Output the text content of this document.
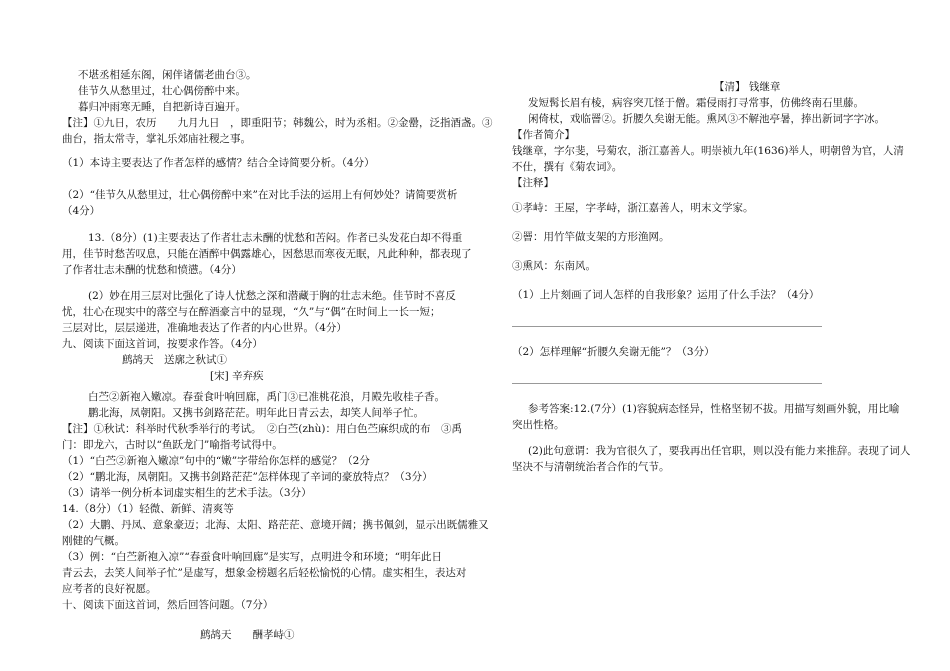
不堪丞相延东阁，闲伴诸儒老曲台③。
佳节久从愁里过，壮心偶傍醉中来。
暮归冲雨寒无睡，自把新诗百遍开。
【注】①九日，农历　　九月九日　，即重阳节；韩魏公，时为丞相。②金罍，泛指酒盏。③
曲台，指太常寺，掌礼乐郊庙社稷之事。
（1）本诗主要表达了作者怎样的感情？结合全诗简要分析。（4分）
（2）“佳节久从愁里过，壮心偶傍醉中来”在对比手法的运用上有何妙处？请简要赏析
（4分）
13.（8分）(1)主要表达了作者壮志未酬的忧愁和苦闷。作者已头发花白却不得重
用，佳节时愁苦叹息，只能在酒醉中偶露雄心，因愁思而寒夜无眠，凡此种种，都表现了
了作者壮志未酬的忧愁和愤懑。（4分）
(2）妙在用三层对比强化了诗人忧愁之深和潜藏于胸的壮志未绝。佳节时不喜反
忧，壮心在现实中的落空与在醉酒豪言中的显现，“久”与“偶”在时间上一长一短；
三层对比，层层递进，准确地表达了作者的内心世界。（4分）
九、阅读下面这首词，按要求作答。（4分）
鹧鸪天　送廓之秋试①
[宋] 辛弃疾
白苎②新袍入嫩凉。春蚕食叶响回廊，禹门③已准桃花浪，月殿先收桂子香。
鹏北海，凤朝阳。又携书剑路茫茫。明年此日青云去，却笑人间举子忙。
【注】①秋试：科举时代秋季举行的考试。　②白苎(zhù)：用白色苎麻织成的布　③禹
门：即龙六，古时以“鱼跃龙门”喻指考试得中。
（1）“白苎②新袍入嫩凉”句中的“嫩”字带给你怎样的感觉？（2分
（2）“鹏北海，凤朝阳。又携书剑路茫茫”怎样体现了辛词的豪放特点？（3分）
（3）请举一例分析本词虚实相生的艺术手法。（3分）
14.（8分）（1）轻微、新鲜、清爽等
（2）大鹏、丹凤、意象豪迈；北海、太阳、路茫茫、意境开阔；携书佩剑，显示出既儒雅又
刚健的气概。
（3）例：“白苎新袍入凉”“春蚕食叶响回廊”是实写，点明进令和环境；“明年此日
青云去，去笑人间举子忙”是虚写，想象金榜题名后轻松愉悦的心情。虚实相生，表达对
应考者的良好祝愿。
十、阅读下面这首词，然后回答问题。（7分）
鹧鸪天　　酬孝峙①
【清】 钱继章
发短髯长眉有棱，病容突兀怪于僧。霜侵雨打寻常事，仿佛终南石里藤。
闲倚杖，戏临罾②。折腰久矣谢无能。熏风③不解池亭暑，捧出新词字字冰。
【作者简介】
钱继章，字尔斐，号菊农，浙江嘉善人。明崇祯九年(1636)举人，明朝曾为官，人清
不仕，撰有《菊农词》。
【注释】
①孝峙：王屋，字孝峙，浙江嘉善人，明末文学家。
②罾：用竹竿做支架的方形渔网。
③熏风：东南风。
（1）上片刻画了词人怎样的自我形象？运用了什么手法？（4分）
（2）怎样理解“折腰久矣谢无能”？（3分）
参考答案:12.(7分）(1)容貌病态怪异，性格坚韧不拔。用描写刻画外貌，用比喻
突出性格。
(2)此句意谓：我为官很久了，要我再出任官职，则以没有能力来推辞。表现了词人
坚决不与清朝统治者合作的气节。
